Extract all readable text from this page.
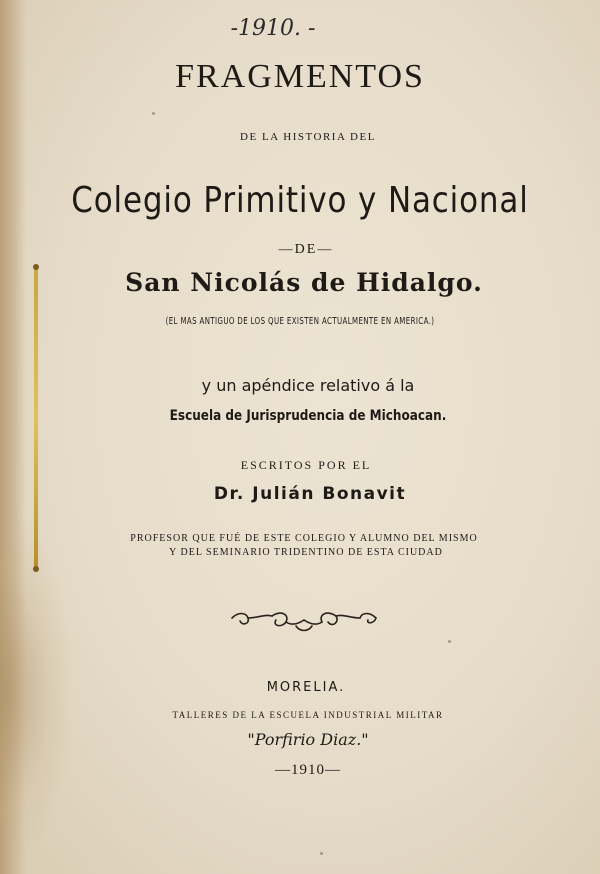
-1910. -
FRAGMENTOS
DE LA HISTORIA DEL
Colegio Primitivo y Nacional
—DE—
San Nicolás de Hidalgo.
(EL MAS ANTIGUO DE LOS QUE EXISTEN ACTUALMENTE EN AMERICA.)
y un apéndice relativo á la
Escuela de Jurisprudencia de Michoacan.
ESCRITOS POR EL
Dr. Julián Bonavit
PROFESOR QUE FUÉ DE ESTE COLEGIO Y ALUMNO DEL MISMO
Y DEL SEMINARIO TRIDENTINO DE ESTA CIUDAD
MORELIA.
TALLERES DE LA ESCUELA INDUSTRIAL MILITAR
"Porfirio Diaz."
—1910—
